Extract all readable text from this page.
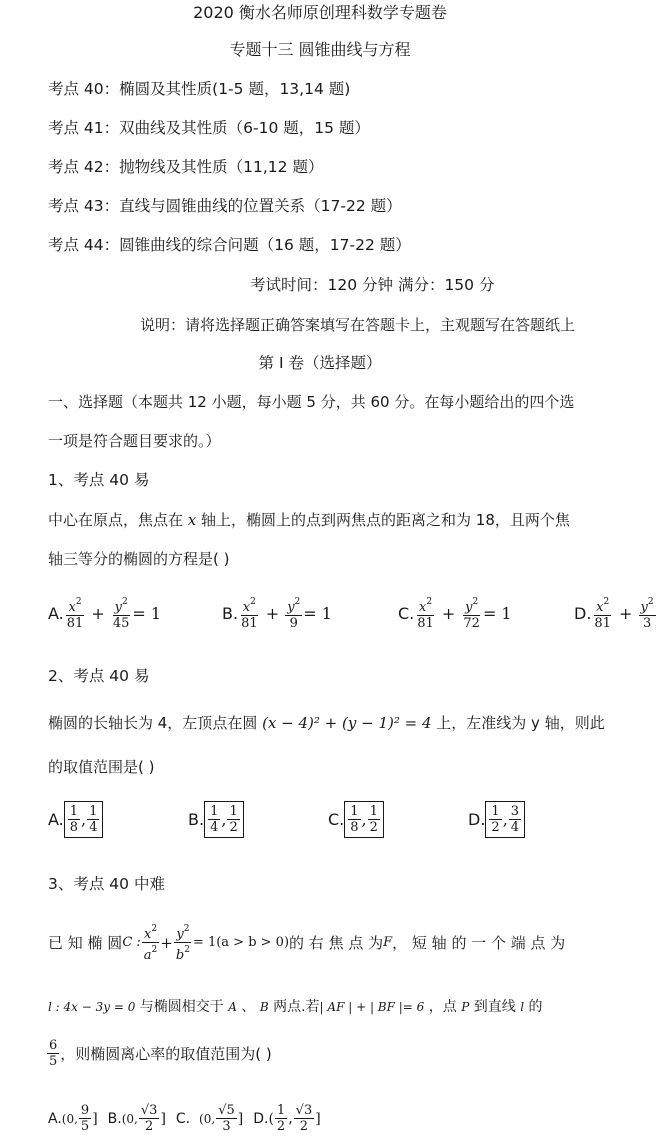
2020 衡水名师原创理科数学专题卷
专题十三 圆锥曲线与方程
考点 40：椭圆及其性质(1-5 题，13,14 题)
考点 41：双曲线及其性质（6-10 题，15 题）
考点 42：抛物线及其性质（11,12 题）
考点 43：直线与圆锥曲线的位置关系（17-22 题）
考点 44：圆锥曲线的综合问题（16 题，17-22 题）
考试时间：120 分钟 满分：150 分
说明：请将选择题正确答案填写在答题卡上，主观题写在答题纸上
第 I 卷（选择题）
一、选择题（本题共 12 小题，每小题 5 分，共 60 分。在每小题给出的四个选
一项是符合题目要求的。）
1、考点 40 易
中心在原点，焦点在 x 轴上，椭圆上的点到两焦点的距离之和为 18，且两个焦
轴三等分的椭圆的方程是( )
A. $\frac{x^2}{81} + \frac{y^2}{45} = 1$	B. $\frac{x^2}{81} + \frac{y^2}{9} = 1$	C. $\frac{x^2}{81} + \frac{y^2}{72} = 1$	D. $\frac{x^2}{81} + \frac{y^2}{3}$
2、考点 40 易
椭圆的长轴长为 4，左顶点在圆 (x − 4)² + (y − 1)² = 4 上，左准线为 y 轴，则此
的取值范围是( )
A. $\frac{1}{8}$ , $\frac{1}{4}$	B. $\frac{1}{4}$ , $\frac{1}{2}$	C. $\frac{1}{8}$ , $\frac{1}{2}$	D. $\frac{1}{2}$ , $\frac{3}{4}$
3、考点 40 中难
已 知 椭 圆 C : $\frac{x^2}{a^2} + \frac{y^2}{b^2} = 1(a > b > 0)$ 的 右 焦 点 为 F ， 短 轴 的 一 个 端 点 为
l : 4x − 3y = 0 与椭圆相交于 A 、 B 两点.若| AF | + | BF |= 6 ，点 P 到直线 l 的
$\frac{6}{5}$ ，则椭圆离心率的取值范围为( )
A. (0, $\frac{9}{5}$ ] B. (0, $\frac{√3}{2}$ ] C.
(0, $\frac{√5}{3}$ ] D. ( $\frac{1}{2}$ , $\frac{√3}{2}$ ]
